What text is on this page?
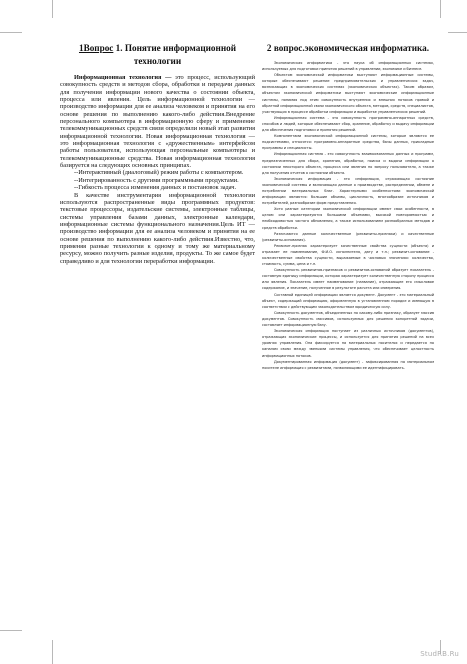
1Вопрос 1. Понятие информационной технологии

Информационная технология — это процесс, использующий совокупность средств и методов сбора, обработки и передачи данных для получения информации нового качества о состоянии объекта, процесса или явления. Цель информационной технологии — производство информации для ее анализа человеком и принятия на его основе решения по выполнению какого-либо действия.Внедрение персонального компьютера в информационную сферу и применение телекоммуникационных средств связи определили новый этап развития информационной технологии. Новая информационная технология — это информационная технология с «дружественным» интерфейсом работы пользователя, использующая персональные компьютеры и телекоммуникационные средства. Новая информационная технология базируется на следующих основных принципах.

--Интерактивный (диалоговый) режим работы с компьютером.

--Интегрированность с другими программными продуктами.

--Гибкость процесса изменения данных и постановок задач.

В качестве инструментария информационной технологии используются распространенные виды программных продуктов: текстовые процессоры, издательские системы, электронные таблицы, системы управления базами данных, электронные календари, информационные системы функционального назначения.Цель ИТ — производство информации для ее анализа человеком и принятия на ее основе решения по выполнению какого-либо действия.Известно, что, применяя разные технологии к одному и тому же материальному ресурсу, можно получить разные изделия, продукты. То же самое будет справедливо и для технологии переработки информации.

2 вопрос.экономическая информатика.

Экономическая информатика - это наука об информационных системах, используемых для подготовки принятия решений в управлении, экономике и бизнесе.

Объектом экономической информатики выступают информационные системы, которые обеспечивают решение предпринимательских и управленческих задач, возникающих в экономических системах (экономических объектах). Таким образом, объектом экономической информатики выступают экономические информационные системы, понимая под этим совокупность внутренних и внешних потоков прямой и обратной информационной связи экономического объекта, методов, средств, специалистов, участвующих в процессе обработки информации и выработке управленческих решений.

Информационная система - это совокупность программно-аппаратных средств, способов и людей, которые обеспечивают сбор, хранение, обработку и выдачу информации для обеспечения подготовки и принятия решений.

Компонентами экономической информационной системы, которые являются ее подсистемами, относятся: программно-аппаратные средства, базы данных, прикладные программы и специалисты.

Информационная система - это совокупность взаимосвязанных данных и программ, предназначенных для сбора, хранения, обработки, поиска и выдачи информации о состоянии некоторого объекта, процесса или явления по запросу пользователя, а также для получения отчетов о состоянии объекта.

Экономическая информация - это информация, отражающая состояние экономической системы и включающая данные о производстве, распределении, обмене и потреблении материальных благ. Характерными особенностями экономической информации являются: большие объемы, цикличность, многообразие источников и потребителей, разнообразие форм представления.

Хотя разные категории экономической информации имеют свои особенности, в целом они характеризуются большими объемами, высокой повторяемостью и необходимостью частого обновления, а также использованием разнообразных методов и средств обработки.

Различаются данные количественные (реквизиты-признаки) и качественные (реквизиты-основания).

Реквизит-признак характеризует качественные свойства сущности (объекта) и отражает ее наименование, Ф.И.О. исполнителя, дату и т.п.; реквизит-основание - количественные свойства сущности, выражаемые в числовых значениях: количество, стоимость, сумма, цена и т.п.

Совокупность реквизитов-признаков и реквизитов-оснований образует показатель - составную единицу информации, которая характеризует количественную сторону процесса или явления. Показатель имеет наименование (название), отражающее его смысловое содержание, и значение, полученное в результате расчета или измерения.

Составной единицей информации является документ. Документ - это материальный объект, содержащий информацию, оформленную в установленном порядке и имеющую в соответствии с действующим законодательством юридическую силу.

Совокупность документов, объединенных по какому-либо признаку, образует массив документов. Совокупность массивов, используемых для решения конкретной задачи, составляет информационную базу.

Экономическая информация поступает из различных источников (документов), отражающих экономические процессы, и используется для принятия решений на всех уровнях управления. Она фиксируется на материальных носителях и передается по каналам связи между звеньями системы управления, что обеспечивает целостность информационных потоков.

Документированная информация (документ) - зафиксированная на материальном носителе информация с реквизитами, позволяющими ее идентифицировать.

StudRB.Ru
